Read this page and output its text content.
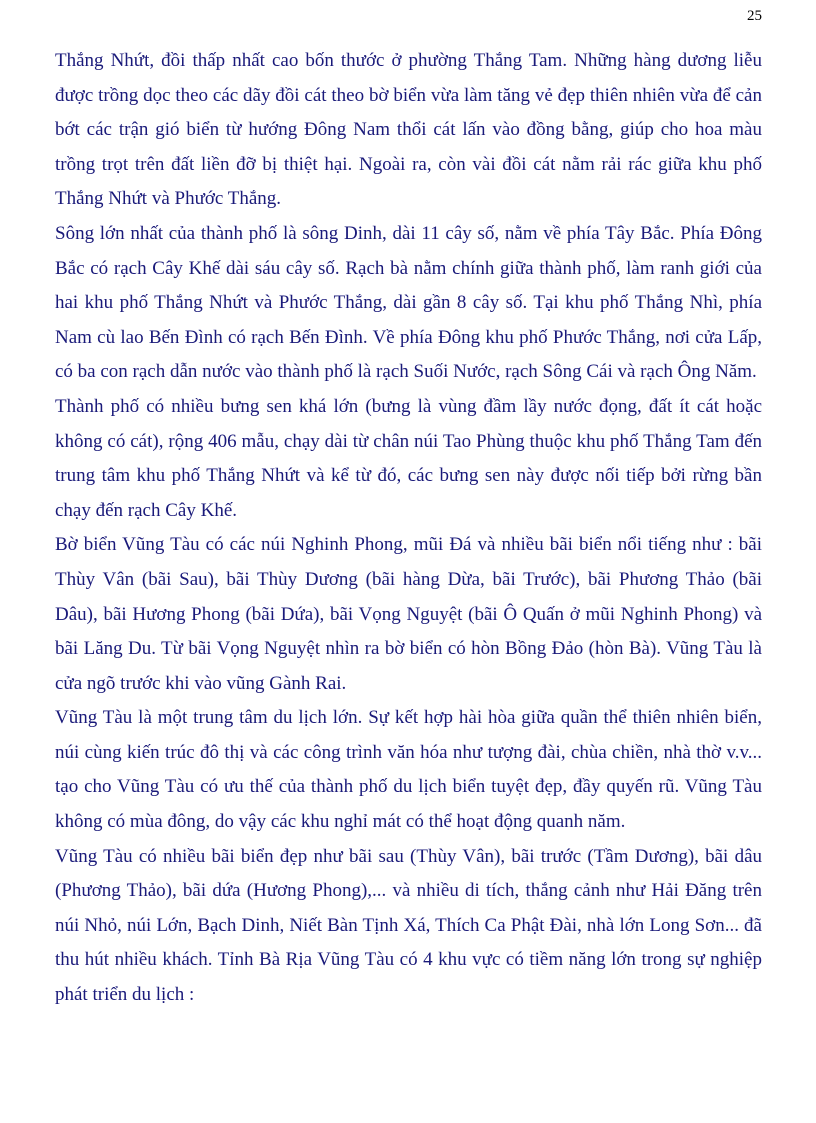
25

Thắng Nhứt, đồi thấp nhất cao bốn thước ở phường Thắng Tam. Những hàng dương liễu được trồng dọc theo các dãy đồi cát theo bờ biển vừa làm tăng vẻ đẹp thiên nhiên vừa để cản bớt các trận gió biển từ hướng Đông Nam thổi cát lấn vào đồng bằng, giúp cho hoa màu trồng trọt trên đất liền đỡ bị thiệt hại. Ngoài ra, còn vài đồi cát nằm rải rác giữa khu phố Thắng Nhứt và Phước Thắng.

Sông lớn nhất của thành phố là sông Dinh, dài 11 cây số, nằm về phía Tây Bắc. Phía Đông Bắc có rạch Cây Khế dài sáu cây số. Rạch bà nằm chính giữa thành phố, làm ranh giới của hai khu phố Thắng Nhứt và Phước Thắng, dài gần 8 cây số. Tại khu phố Thắng Nhì, phía Nam cù lao Bến Đình có rạch Bến Đình. Về phía Đông khu phố Phước Thắng, nơi cửa Lấp, có ba con rạch dẫn nước vào thành phố là rạch Suối Nước, rạch Sông Cái và rạch Ông Năm.

Thành phố có nhiều bưng sen khá lớn (bưng là vùng đầm lầy nước đọng, đất ít cát hoặc không có cát), rộng 406 mẫu, chạy dài từ chân núi Tao Phùng thuộc khu phố Thắng Tam đến trung tâm khu phố Thắng Nhứt và kể từ đó, các bưng sen này được nối tiếp bởi rừng bần chạy đến rạch Cây Khế.

Bờ biển Vũng Tàu có các núi Nghinh Phong, mũi Đá và nhiều bãi biển nổi tiếng như : bãi Thùy Vân (bãi Sau), bãi Thùy Dương (bãi hàng Dừa, bãi Trước), bãi Phương Thảo (bãi Dâu), bãi Hương Phong (bãi Dứa), bãi Vọng Nguyệt (bãi Ô Quấn ở mũi Nghinh Phong) và bãi Lăng Du. Từ bãi Vọng Nguyệt nhìn ra bờ biển có hòn Bồng Đảo (hòn Bà). Vũng Tàu là cửa ngõ trước khi vào vũng Gành Rai.

Vũng Tàu là một trung tâm du lịch lớn. Sự kết hợp hài hòa giữa quần thể thiên nhiên biển, núi cùng kiến trúc đô thị và các công trình văn hóa như tượng đài, chùa chiền, nhà thờ v.v... tạo cho Vũng Tàu có ưu thế của thành phố du lịch biển tuyệt đẹp, đầy quyến rũ. Vũng Tàu không có mùa đông, do vậy các khu nghỉ mát có thể hoạt động quanh năm.

Vũng Tàu có nhiều bãi biển đẹp như bãi sau (Thùy Vân), bãi trước (Tầm Dương), bãi dâu (Phương Thảo), bãi dứa (Hương Phong),... và nhiều di tích, thắng cảnh như Hải Đăng trên núi Nhỏ, núi Lớn, Bạch Dinh, Niết Bàn Tịnh Xá, Thích Ca Phật Đài, nhà lớn Long Sơn... đã thu hút nhiều khách. Tỉnh Bà Rịa Vũng Tàu có 4 khu vực có tiềm năng lớn trong sự nghiệp phát triển du lịch :
